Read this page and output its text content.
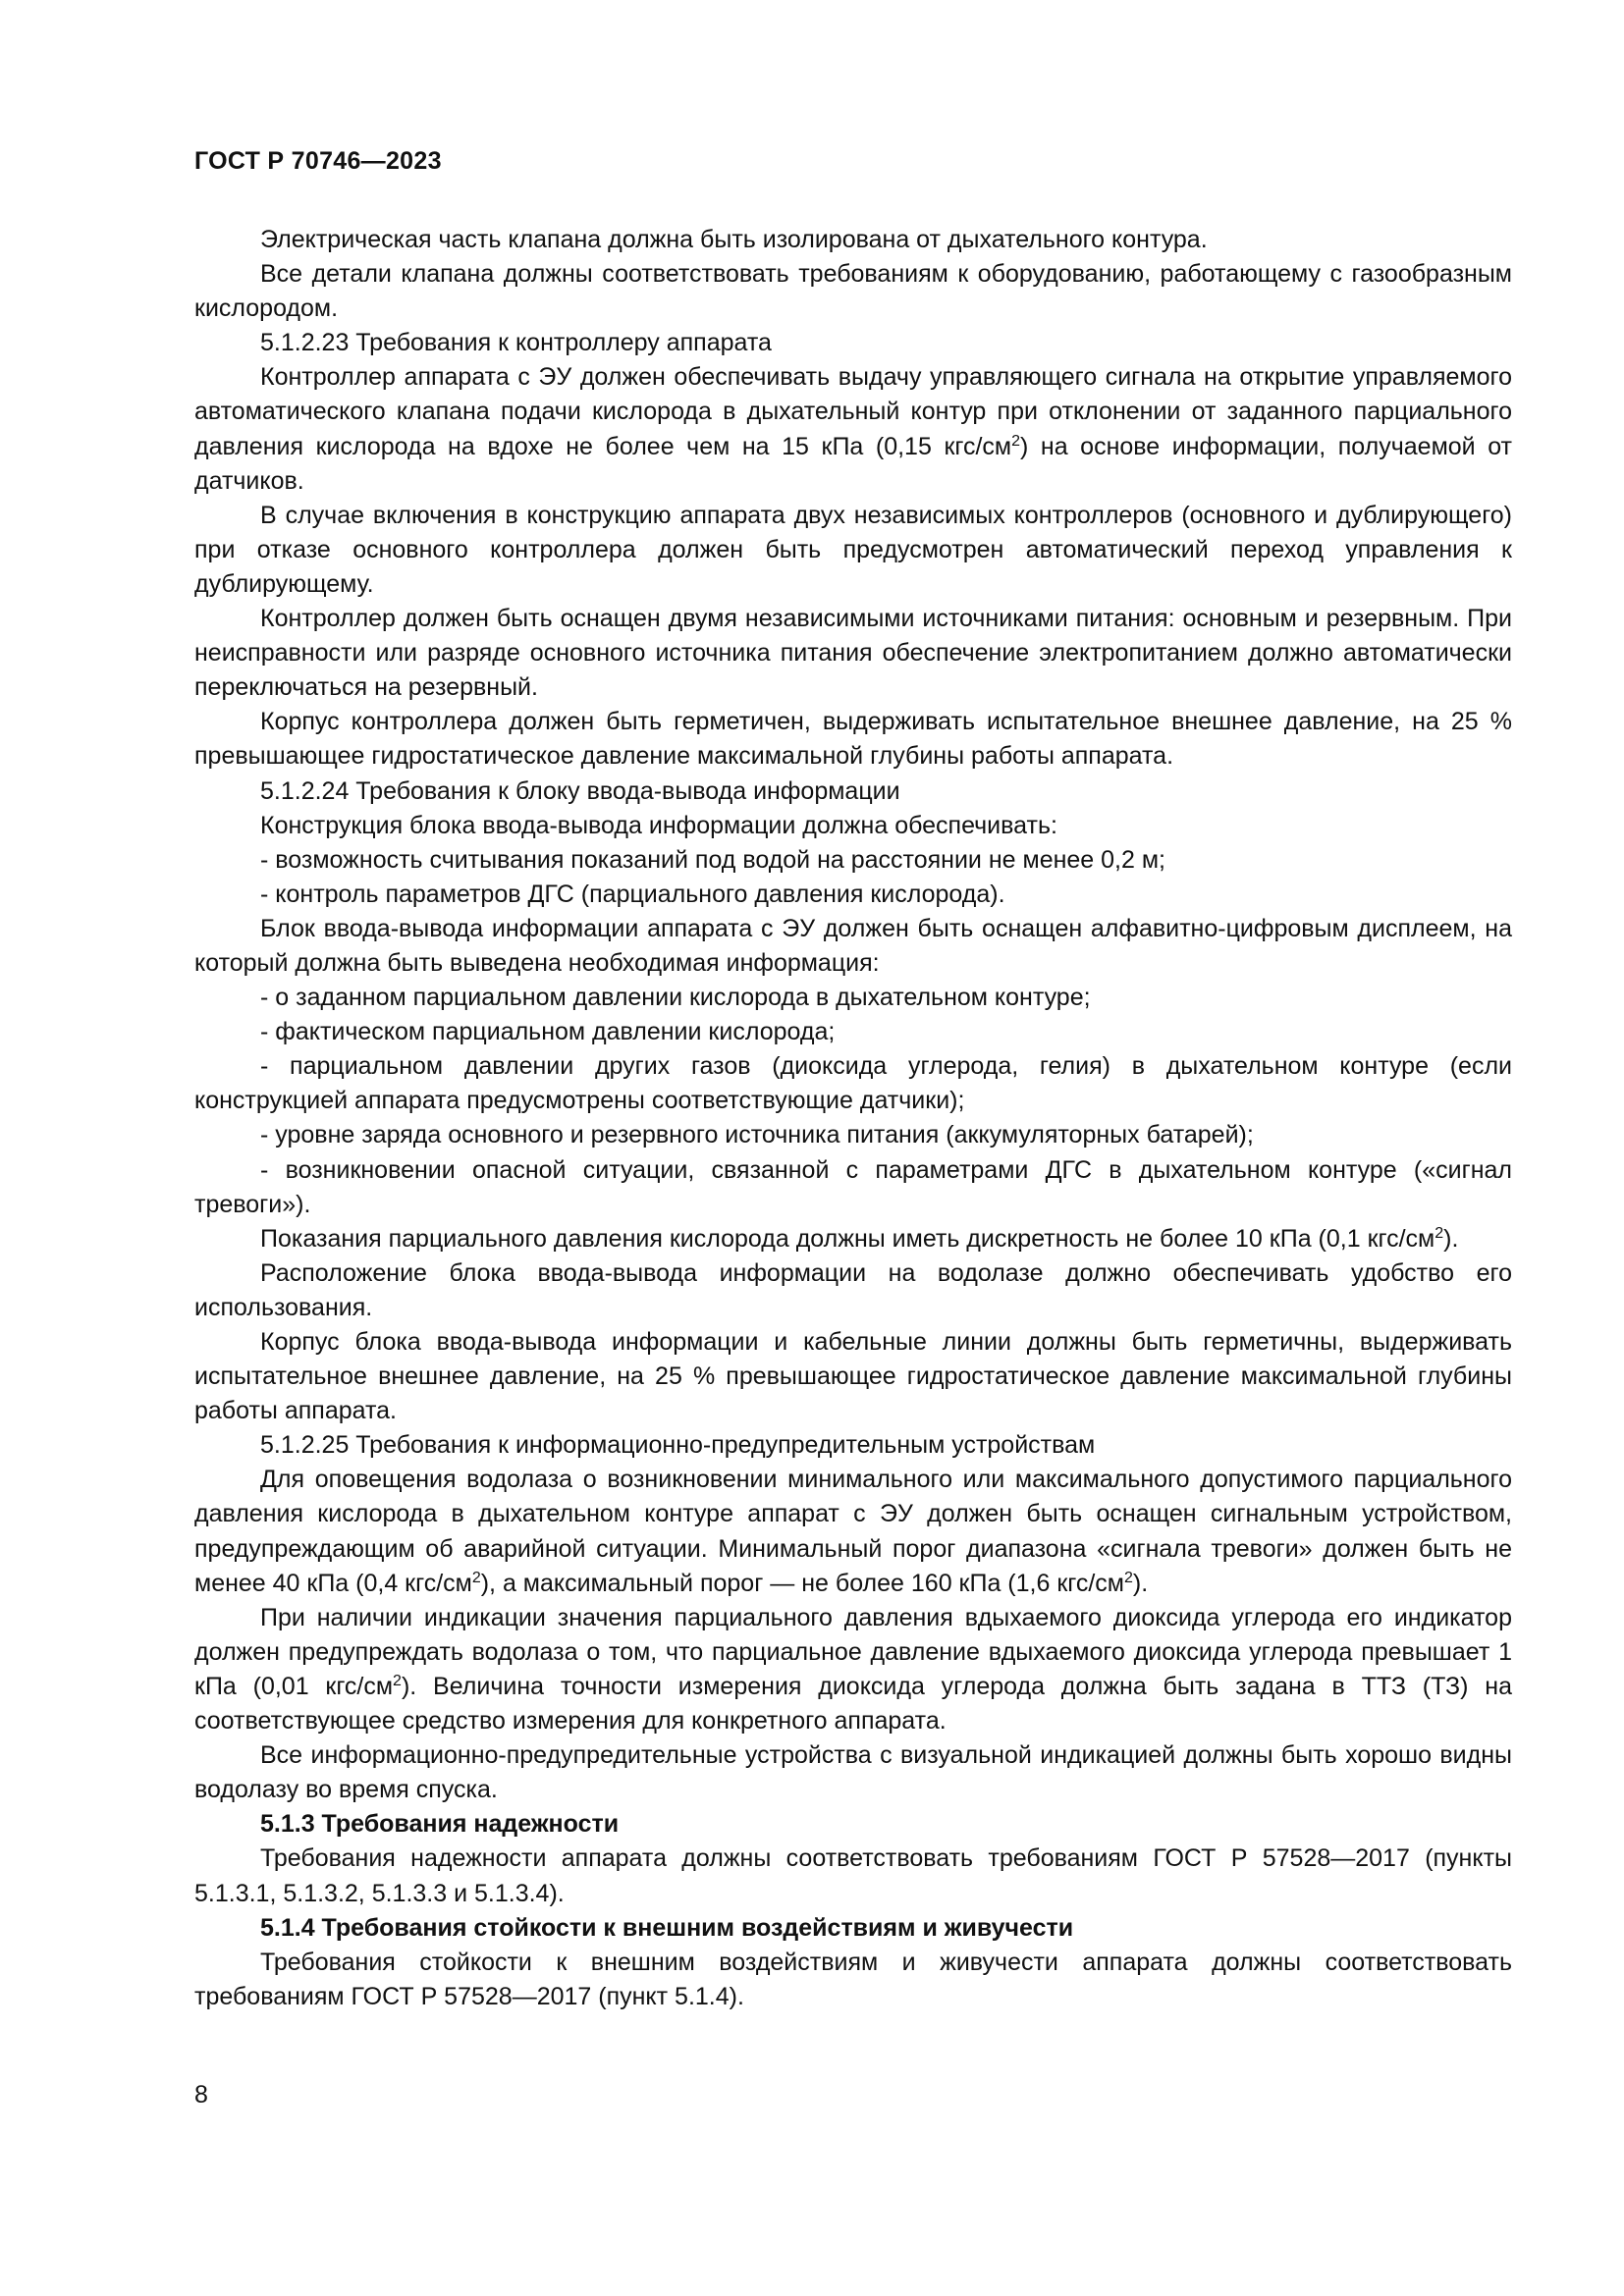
ГОСТ Р 70746—2023

Электрическая часть клапана должна быть изолирована от дыхательного контура.

Все детали клапана должны соответствовать требованиям к оборудованию, работающему с газообразным кислородом.

5.1.2.23 Требования к контроллеру аппарата

Контроллер аппарата с ЭУ должен обеспечивать выдачу управляющего сигнала на открытие управляемого автоматического клапана подачи кислорода в дыхательный контур при отклонении от заданного парциального давления кислорода на вдохе не более чем на 15 кПа (0,15 кгс/$см^2$) на основе информации, получаемой от датчиков.

В случае включения в конструкцию аппарата двух независимых контроллеров (основного и дублирующего) при отказе основного контроллера должен быть предусмотрен автоматический переход управления к дублирующему.

Контроллер должен быть оснащен двумя независимыми источниками питания: основным и резервным. При неисправности или разряде основного источника питания обеспечение электропитанием должно автоматически переключаться на резервный.

Корпус контроллера должен быть герметичен, выдерживать испытательное внешнее давление, на 25 % превышающее гидростатическое давление максимальной глубины работы аппарата.

5.1.2.24 Требования к блоку ввода-вывода информации

Конструкция блока ввода-вывода информации должна обеспечивать:

- возможность считывания показаний под водой на расстоянии не менее 0,2 м;

- контроль параметров ДГС (парциального давления кислорода).

Блок ввода-вывода информации аппарата с ЭУ должен быть оснащен алфавитно-цифровым дисплеем, на который должна быть выведена необходимая информация:

- о заданном парциальном давлении кислорода в дыхательном контуре;

- фактическом парциальном давлении кислорода;

- парциальном давлении других газов (диоксида углерода, гелия) в дыхательном контуре (если конструкцией аппарата предусмотрены соответствующие датчики);

- уровне заряда основного и резервного источника питания (аккумуляторных батарей);

- возникновении опасной ситуации, связанной с параметрами ДГС в дыхательном контуре («сигнал тревоги»).

Показания парциального давления кислорода должны иметь дискретность не более 10 кПа (0,1 кгс/$см^2$).

Расположение блока ввода-вывода информации на водолазе должно обеспечивать удобство его использования.

Корпус блока ввода-вывода информации и кабельные линии должны быть герметичны, выдерживать испытательное внешнее давление, на 25 % превышающее гидростатическое давление максимальной глубины работы аппарата.

5.1.2.25 Требования к информационно-предупредительным устройствам

Для оповещения водолаза о возникновении минимального или максимального допустимого парциального давления кислорода в дыхательном контуре аппарат с ЭУ должен быть оснащен сигнальным устройством, предупреждающим об аварийной ситуации. Минимальный порог диапазона «сигнала тревоги» должен быть не менее 40 кПа (0,4 кгс/$см^2$), а максимальный порог — не более 160 кПа (1,6 кгс/$см^2$).

При наличии индикации значения парциального давления вдыхаемого диоксида углерода его индикатор должен предупреждать водолаза о том, что парциальное давление вдыхаемого диоксида углерода превышает 1 кПа (0,01 кгс/$см^2$). Величина точности измерения диоксида углерода должна быть задана в ТТЗ (ТЗ) на соответствующее средство измерения для конкретного аппарата.

Все информационно-предупредительные устройства с визуальной индикацией должны быть хорошо видны водолазу во время спуска.

5.1.3 Требования надежности

Требования надежности аппарата должны соответствовать требованиям ГОСТ Р 57528—2017 (пункты 5.1.3.1, 5.1.3.2, 5.1.3.3 и 5.1.3.4).

5.1.4 Требования стойкости к внешним воздействиям и живучести

Требования стойкости к внешним воздействиям и живучести аппарата должны соответствовать требованиям ГОСТ Р 57528—2017 (пункт 5.1.4).

8
